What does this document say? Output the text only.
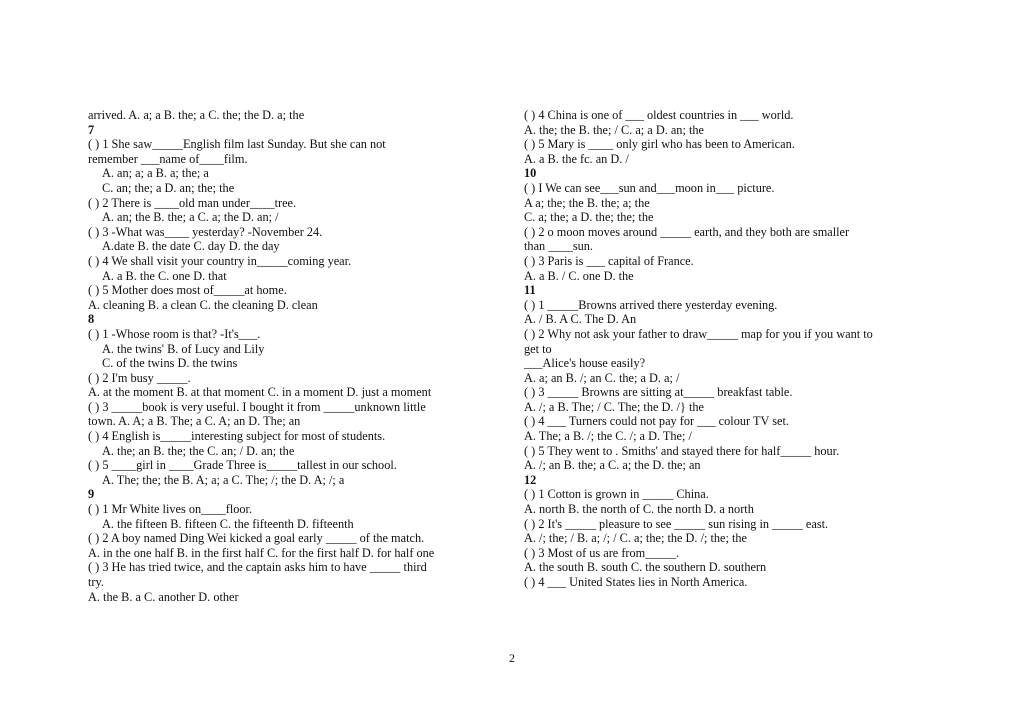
arrived. A. a; a B. the; a C. the; the D. a; the
7
( ) 1 She saw_____English film last Sunday. But she can not
remember ___name of____film.
A. an; a; a B. a; the; a
C. an; the; a D. an; the; the
( ) 2 There is ____old man under____tree.
A. an; the B. the; a C. a; the D. an; /
( ) 3 -What was____ yesterday? -November 24.
A.date B. the date C. day D. the day
( ) 4 We shall visit your country in_____coming year.
A. a B. the C. one D. that
( ) 5 Mother does most of_____at home.
A. cleaning B. a clean C. the cleaning D. clean
8
( ) 1 -Whose room is that? -It's___.
A. the twins' B. of Lucy and Lily
C. of the twins D. the twins
( ) 2 I'm busy _____.
A. at the moment B. at that moment C. in a moment D. just a moment
( ) 3 _____book is very useful. I bought it from _____unknown little
town. A. A; a B. The; a C. A; an D. The; an
( ) 4 English is_____interesting subject for most of students.
A. the; an B. the; the C. an; / D. an; the
( ) 5 ____girl in ____Grade Three is_____tallest in our school.
A. The; the; the B. A; a; a C. The; /; the D. A; /; a
9
( ) 1 Mr White lives on____floor.
A. the fifteen B. fifteen C. the fifteenth D. fifteenth
( ) 2 A boy named Ding Wei kicked a goal early _____ of the match.
A. in the one half B. in the first half C. for the first half D. for half one
( ) 3 He has tried twice, and the captain asks him to have _____ third
try.
A. the B. a C. another D. other
( ) 4 China is one of ___ oldest countries in ___ world.
A. the; the B. the; / C. a; a D. an; the
( ) 5 Mary is ____ only girl who has been to American.
A. a B. the fc. an D. /
10
( ) I We can see___sun and___moon in___ picture.
A a; the; the B. the; a; the
C. a; the; a D. the; the; the
( ) 2 o moon moves around _____ earth, and they both are smaller
than ____sun.
( ) 3 Paris is ___ capital of France.
A. a B. / C. one D. the
11
( ) 1 _____Browns arrived there yesterday evening.
A. / B. A C. The D. An
( ) 2 Why not ask your father to draw_____ map for you if you want to
get to
___Alice's house easily?
A. a; an B. /; an C. the; a D. a; /
( ) 3 _____ Browns are sitting at_____ breakfast table.
A. /; a B. The; / C. The; the D. /} the
( ) 4 ___ Turners could not pay for ___ colour TV set.
A. The; a B. /; the C. /; a D. The; /
( ) 5 They went to . Smiths' and stayed there for half_____ hour.
A. /; an B. the; a C. a; the D. the; an
12
( ) 1 Cotton is grown in _____ China.
A. north B. the north of C. the north D. a north
( ) 2 It's _____ pleasure to see _____ sun rising in _____ east.
A. /; the; / B. a; /; / C. a; the; the D. /; the; the
( ) 3 Most of us are from_____.
A. the south B. south C. the southern D. southern
( ) 4 ___ United States lies in North America.
2
